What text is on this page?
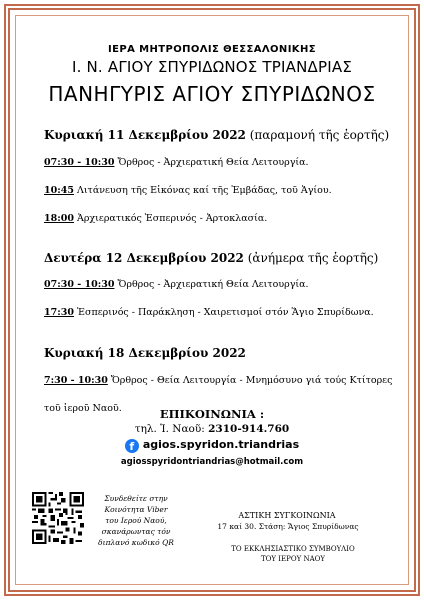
ΙΕΡΑ ΜΗΤΡΟΠΟΛΙΣ ΘΕΣΣΑΛΟΝΙΚΗΣ
Ι. Ν. ΑΓΙΟΥ ΣΠΥΡΙΔΩΝΟΣ ΤΡΙΑΝΔΡΙΑΣ
ΠΑΝΗΓΥΡΙΣ ΑΓΙΟΥ ΣΠΥΡΙΔΩΝΟΣ
Κυριακή 11 Δεκεμβρίου 2022 (παραμονή τῆς ἑορτῆς)
07:30 - 10:30 Ὄρθρος - Ἀρχιερατική Θεία Λειτουργία.
10:45 Λιτάνευση τῆς Εἰκόνας καί τῆς Ἐμβάδας, τοῦ Ἁγίου.
18:00 Ἀρχιερατικός Ἑσπερινός - Ἀρτοκλασία.
Δευτέρα 12 Δεκεμβρίου 2022 (ἀνήμερα τῆς ἑορτῆς)
07:30 - 10:30 Ὄρθρος - Ἀρχιερατική Θεία Λειτουργία.
17:30 Ἑσπερινός - Παράκληση - Χαιρετισμοί στόν Ἅγιο Σπυρίδωνα.
Κυριακή 18 Δεκεμβρίου 2022
7:30 - 10:30 Ὄρθρος - Θεία Λειτουργία - Μνημόσυνο γιά τούς Κτίτορες
τοῦ ἱεροῦ Ναοῦ.	ΕΠΙΚΟΙΝΩΝΙΑ :
τηλ. Ἱ. Ναοῦ: 2310-914.760
f agios.spyridon.triandrias
agiosspyridontriandrias@hotmail.com
Συνδεθείτε στην
Κοινότητα Viber
του Ιερού Ναού,
σκανάρωντας τόν
διπλανό κωδικό QR
ΑΣΤΙΚΗ ΣΥΓΚΟΙΝΩΝΙΑ
17 καί 30. Στάση: Ἅγιος Σπυρίδωνας
ΤΟ ΕΚΚΛΗΣΙΑΣΤΙΚΟ ΣΥΜΒΟΥΛΙΟ
ΤΟΥ ΙΕΡΟΥ ΝΑΟΥ
